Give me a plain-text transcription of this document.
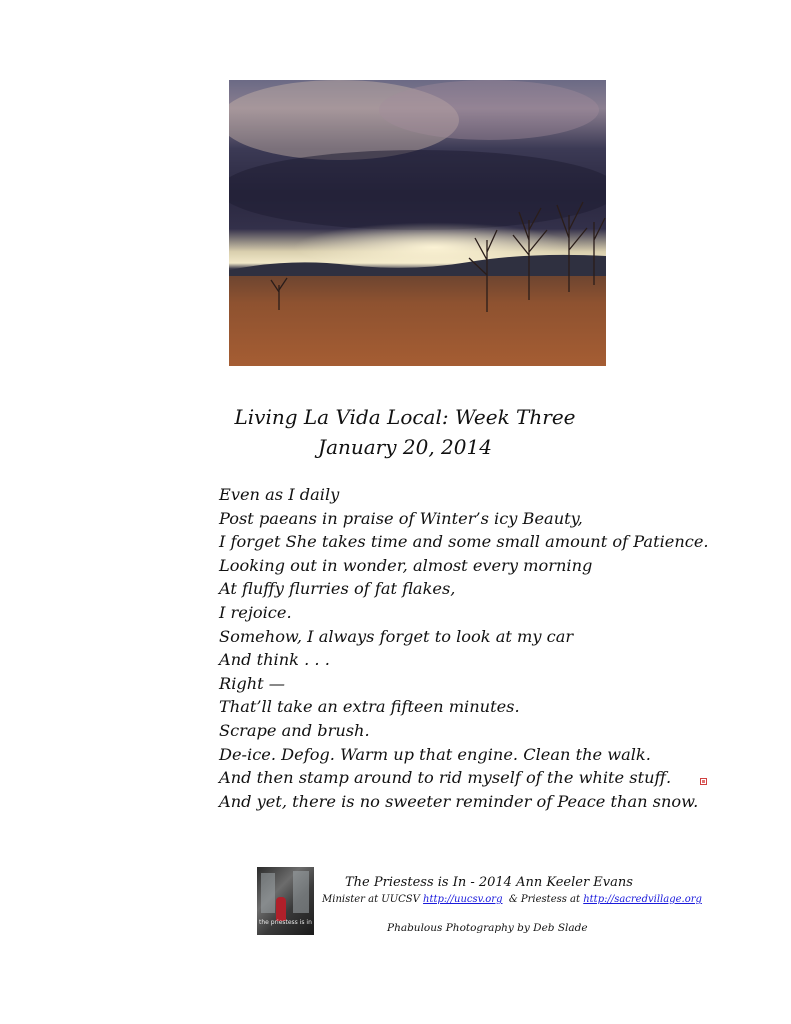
Living La Vida Local: Week Three
January 20, 2014
Even as I daily
Post paeans in praise of Winter’s icy Beauty,
I forget She takes time and some small amount of Patience.
Looking out in wonder, almost every morning
At fluffy flurries of fat flakes,
I rejoice.
Somehow, I always forget to look at my car
And think . . .
Right —
That’ll take an extra fifteen minutes.
Scrape and brush.
De-ice. Defog. Warm up that engine. Clean the walk.
And then stamp around to rid myself of the white stuff.
And yet, there is no sweeter reminder of Peace than snow.
the priestess is in
The Priestess is In - 2014 Ann Keeler Evans
Minister at UUCSV http://uucsv.org  & Priestess at http://sacredvillage.org
Phabulous Photography by Deb Slade
